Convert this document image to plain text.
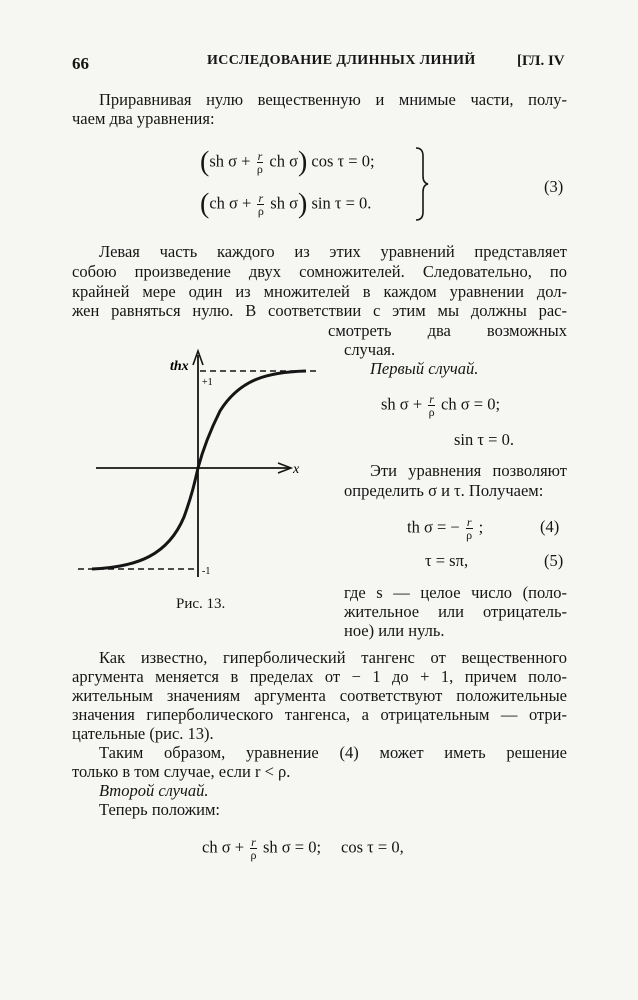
66	ИССЛЕДОВАНИЕ ДЛИННЫХ ЛИНИЙ	[ГЛ. IV
Приравнивая нулю вещественную и мнимые части, полу-
чаем два уравнения:
(sh $\sigma + \frac{r}{\rho}$ ch σ) cos τ = 0;
(ch $\sigma + \frac{r}{\rho}$ sh σ) sin τ = 0.
(3)
Левая часть каждого из этих уравнений представляет
собою произведение двух сомножителей. Следовательно, по
крайней мере один из множителей в каждом уравнении дол-
жен равняться нулю. В соответствии с этим мы должны рас-
смотреть два возможных
случая.
thx
x
+1
-1
Рис. 13.
Первый случай.
sh $\sigma + \frac{r}{\rho}$ ch σ = 0;
sin τ = 0.
Эти уравнения позволяют
определить σ и τ. Получаем:
th σ = − $\frac{r}{\rho}$ ;	(4)
τ = sπ,	(5)
где s — целое число (поло-
жительное или отрицатель-
ное) или нуль.
Как известно, гиперболический тангенс от вещественного
аргумента меняется в пределах от − 1 до + 1, причем поло-
жительным значениям аргумента соответствуют положительные
значения гиперболического тангенса, а отрицательным — отри-
цательные (рис. 13).
Таким образом, уравнение (4) может иметь решение
только в том случае, если r < ρ.
Второй случай.
Теперь положим:
ch $\sigma + \frac{r}{\rho}$ sh σ = 0; cos τ = 0,
